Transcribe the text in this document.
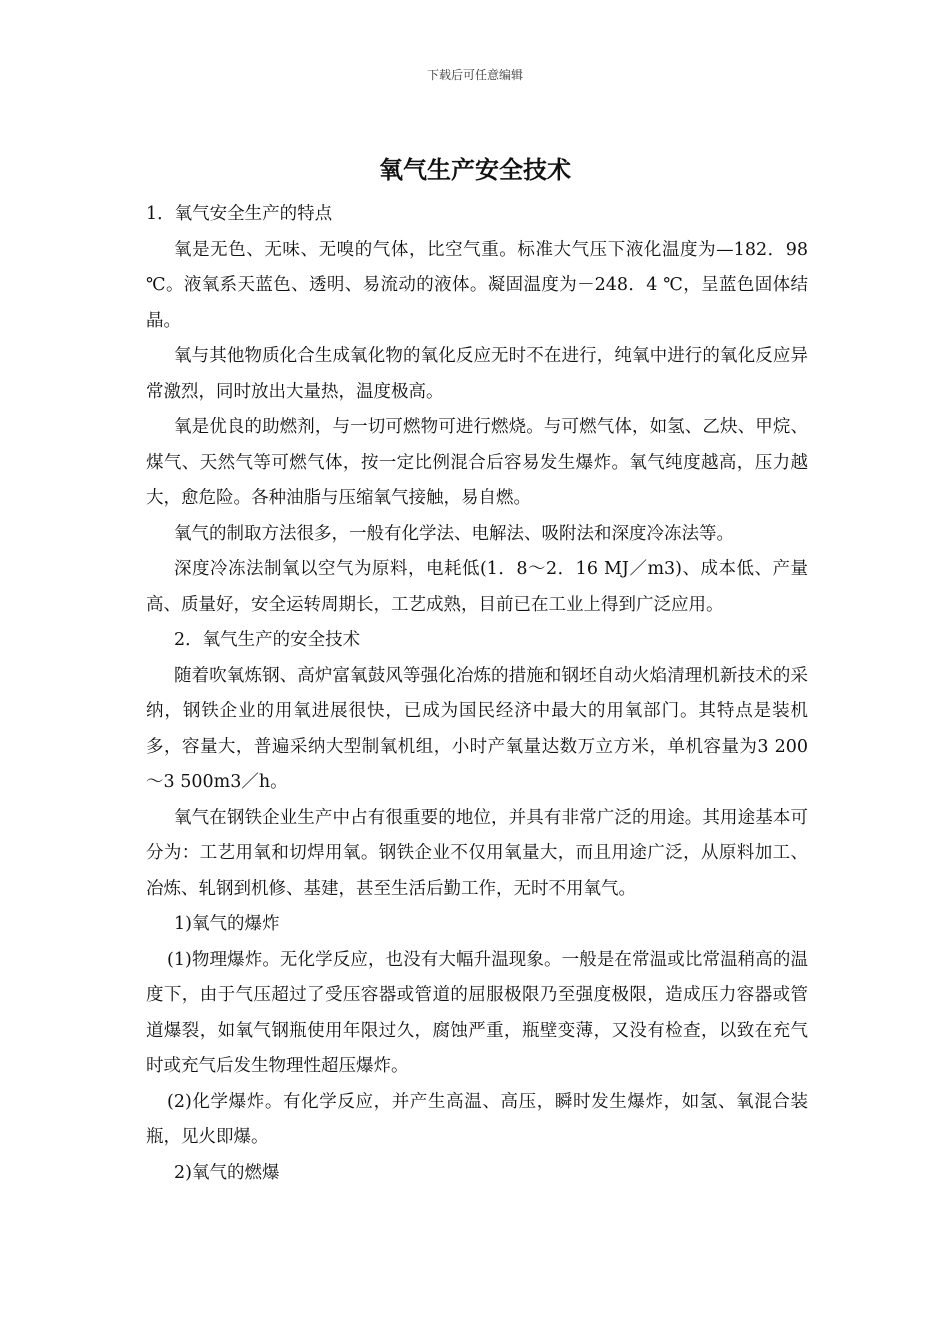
下载后可任意编辑
氧气生产安全技术

1．氧气安全生产的特点

氧是无色、无味、无嗅的气体，比空气重。标准大气压下液化温度为—182．98 ℃。液氧系天蓝色、透明、易流动的液体。凝固温度为－248．4 ℃，呈蓝色固体结晶。

氧与其他物质化合生成氧化物的氧化反应无时不在进行，纯氧中进行的氧化反应异常激烈，同时放出大量热，温度极高。

氧是优良的助燃剂，与一切可燃物可进行燃烧。与可燃气体，如氢、乙炔、甲烷、煤气、天然气等可燃气体，按一定比例混合后容易发生爆炸。氧气纯度越高，压力越大，愈危险。各种油脂与压缩氧气接触，易自燃。

氧气的制取方法很多，一般有化学法、电解法、吸附法和深度冷冻法等。

深度冷冻法制氧以空气为原料，电耗低(1．8～2．16 MJ／m3)、成本低、产量高、质量好，安全运转周期长，工艺成熟，目前已在工业上得到广泛应用。

2．氧气生产的安全技术

随着吹氧炼钢、高炉富氧鼓风等强化冶炼的措施和钢坯自动火焰清理机新技术的采纳，钢铁企业的用氧进展很快，已成为国民经济中最大的用氧部门。其特点是装机多，容量大，普遍采纳大型制氧机组，小时产氧量达数万立方米，单机容量为3 200～3 500m3／h。

氧气在钢铁企业生产中占有很重要的地位，并具有非常广泛的用途。其用途基本可分为：工艺用氧和切焊用氧。钢铁企业不仅用氧量大，而且用途广泛，从原料加工、冶炼、轧钢到机修、基建，甚至生活后勤工作，无时不用氧气。

1)氧气的爆炸

(1)物理爆炸。无化学反应，也没有大幅升温现象。一般是在常温或比常温稍高的温度下，由于气压超过了受压容器或管道的屈服极限乃至强度极限，造成压力容器或管道爆裂，如氧气钢瓶使用年限过久，腐蚀严重，瓶壁变薄，又没有检查，以致在充气时或充气后发生物理性超压爆炸。

(2)化学爆炸。有化学反应，并产生高温、高压，瞬时发生爆炸，如氢、氧混合装瓶，见火即爆。

2)氧气的燃爆
